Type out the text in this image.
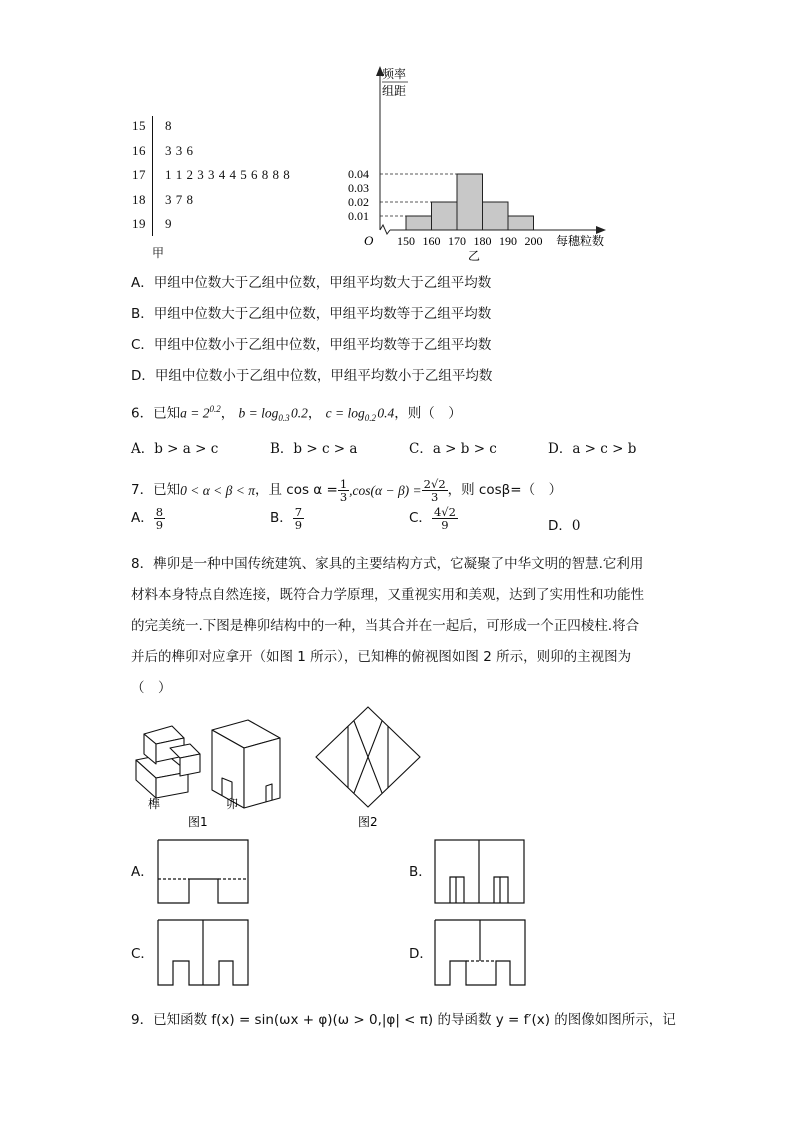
15 8
16 3 3 6
17 1 1 2 3 3 4 4 5 6 8 8 8
18 3 7 8
19 9
甲
0.01
0.02
0.03
0.04
150 160 170 180 190 200
O
频率
组距
每穗粒数
乙
A．甲组中位数大于乙组中位数，甲组平均数大于乙组平均数
B．甲组中位数大于乙组中位数，甲组平均数等于乙组平均数
C．甲组中位数小于乙组中位数，甲组平均数等于乙组平均数
D．甲组中位数小于乙组中位数，甲组平均数小于乙组平均数
6．已知$a = 2^{0.2}$， $b = \log_{0.3}$ 0.2， $c = \log_{0.2}$ 0.4，则（　）
A．b > a > c	B．b > c > a	C．a > b > c	D．a > c > b
7．已知 0 < α < β < π ，且 $\cos \alpha = \frac{1}{3} ,\cos(\alpha - \beta) = \frac{2√2}{3}$ ，则 cosβ=（　）
A． $\frac{8}{9}$	B． $\frac{7}{9}$	C． $\frac{4√2}{9}$	D． 0
8．榫卯是一种中国传统建筑、家具的主要结构方式，它凝聚了中华文明的智慧.它利用
材料本身特点自然连接，既符合力学原理，又重视实用和美观，达到了实用性和功能性
的完美统一.下图是榫卯结构中的一种，当其合并在一起后，可形成一个正四棱柱.将合
并后的榫卯对应拿开（如图 1 所示），已知榫的俯视图如图 2 所示，则卯的主视图为
（　）
榫	卯
图1	图2
A．	B．
C．	D．
9．已知函数 f(x) = sin(ωx + φ)(ω > 0,|φ| < π) 的导函数 y = f′(x) 的图像如图所示，记
